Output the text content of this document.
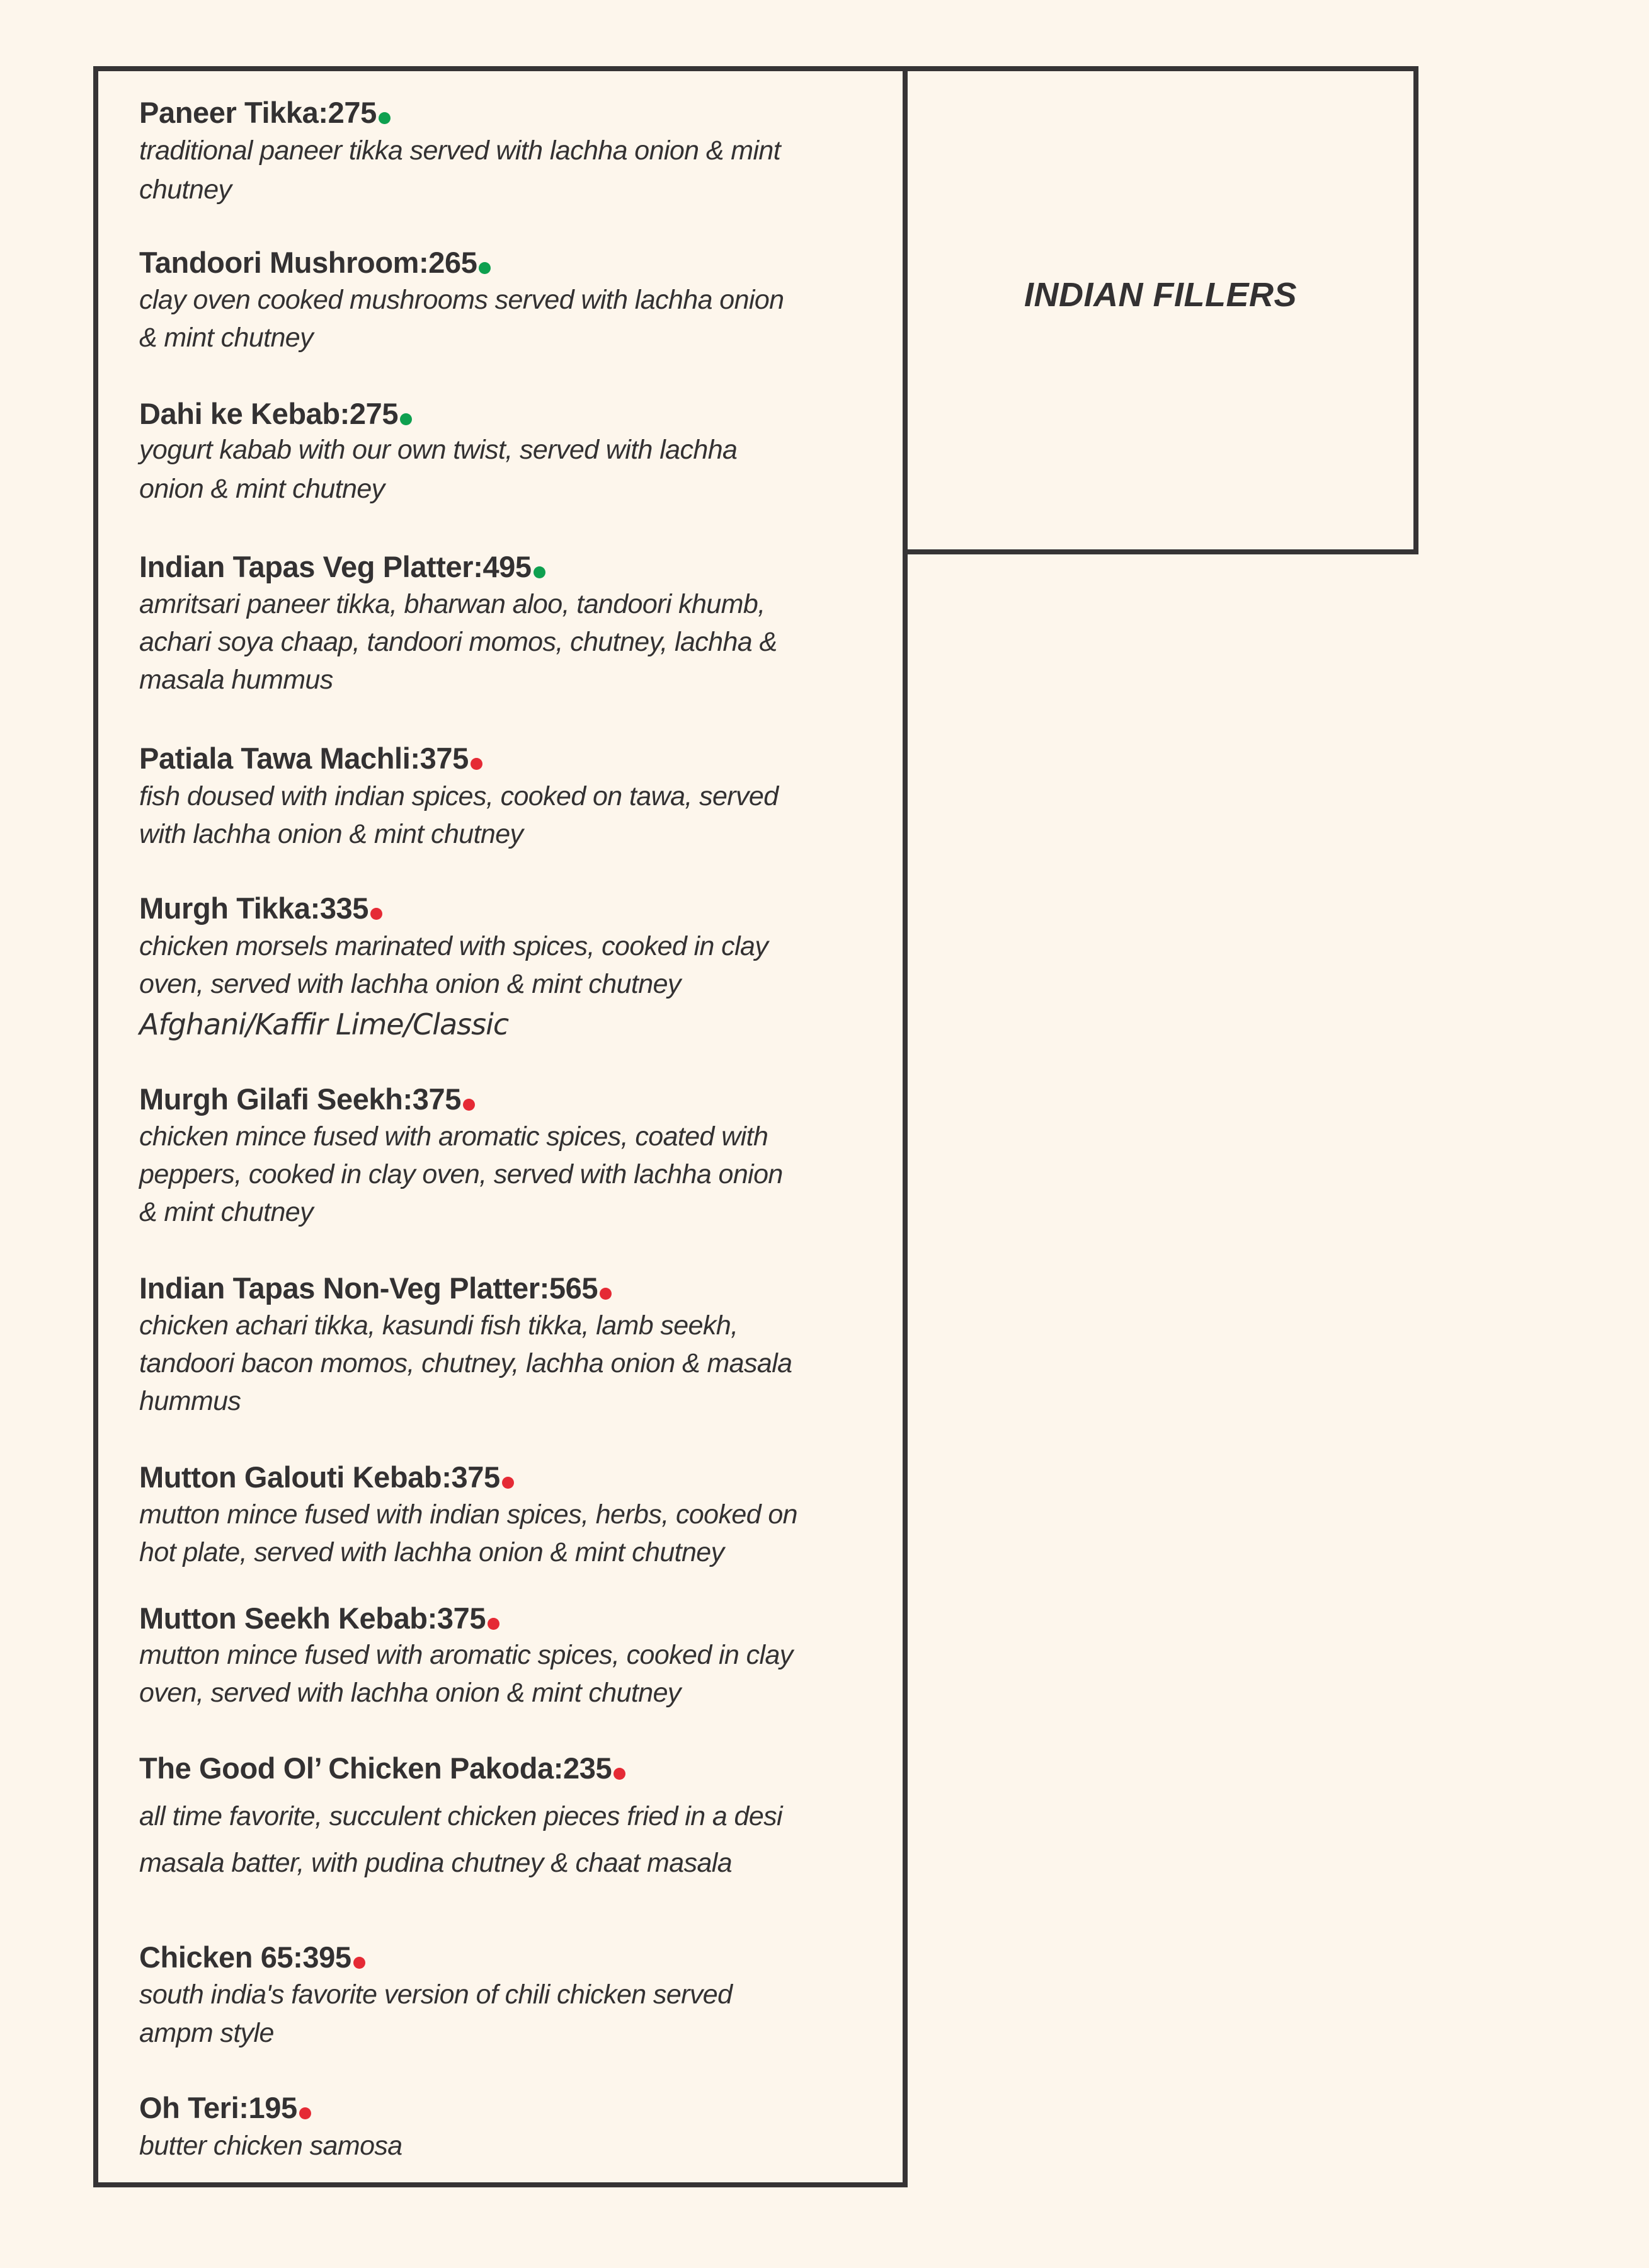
INDIAN FILLERS
Paneer Tikka:275
traditional paneer tikka served with lachha onion & mint
chutney
Tandoori Mushroom:265
clay oven cooked mushrooms served with lachha onion
& mint chutney
Dahi ke Kebab:275
yogurt kabab with our own twist, served with lachha
onion & mint chutney
Indian Tapas Veg Platter:495
amritsari paneer tikka, bharwan aloo, tandoori khumb,
achari soya chaap, tandoori momos, chutney, lachha &
masala hummus
Patiala Tawa Machli:375
fish doused with indian spices, cooked on tawa, served
with lachha onion & mint chutney
Murgh Tikka:335
chicken morsels marinated with spices, cooked in clay
oven, served with lachha onion & mint chutney
Afghani/Kaffir Lime/Classic
Murgh Gilafi Seekh:375
chicken mince fused with aromatic spices, coated with
peppers, cooked in clay oven, served with lachha onion
& mint chutney
Indian Tapas Non-Veg Platter:565
chicken achari tikka, kasundi fish tikka, lamb seekh,
tandoori bacon momos, chutney, lachha onion & masala
hummus
Mutton Galouti Kebab:375
mutton mince fused with indian spices, herbs, cooked on
hot plate, served with lachha onion & mint chutney
Mutton Seekh Kebab:375
mutton mince fused with aromatic spices, cooked in clay
oven, served with lachha onion & mint chutney
The Good Ol’ Chicken Pakoda:235
all time favorite, succulent chicken pieces fried in a desi
masala batter, with pudina chutney & chaat masala
Chicken 65:395
south india's favorite version of chili chicken served
ampm style
Oh Teri:195
butter chicken samosa
